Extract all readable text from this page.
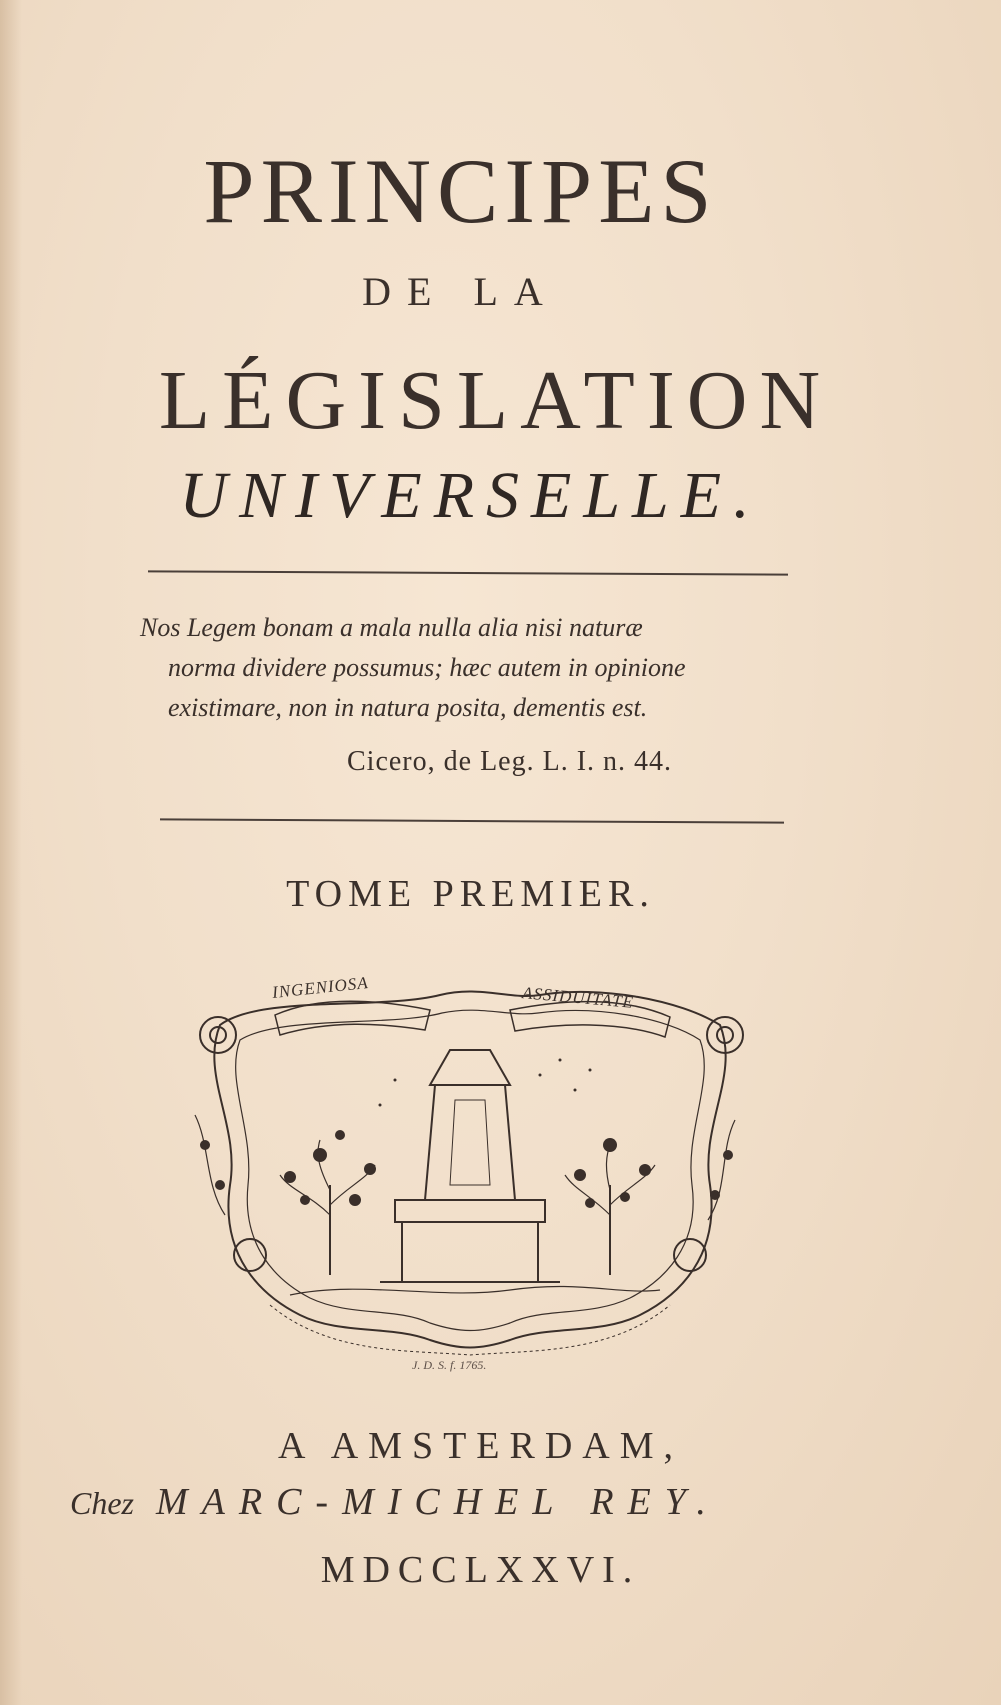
PRINCIPES
DE LA
LÉGISLATION
UNIVERSELLE.
Nos Legem bonam a mala nulla alia nisi naturæ
norma dividere possumus; hæc autem in opinione
existimare, non in natura posita, dementis est.
Cicero, de Leg. L. I. n. 44.
TOME PREMIER.
INGENIOSA	ASSIDUITATE
J. D. S. f. 1765.
A AMSTERDAM,
Chez MARC-MICHEL REY.
MDCCLXXVI.
